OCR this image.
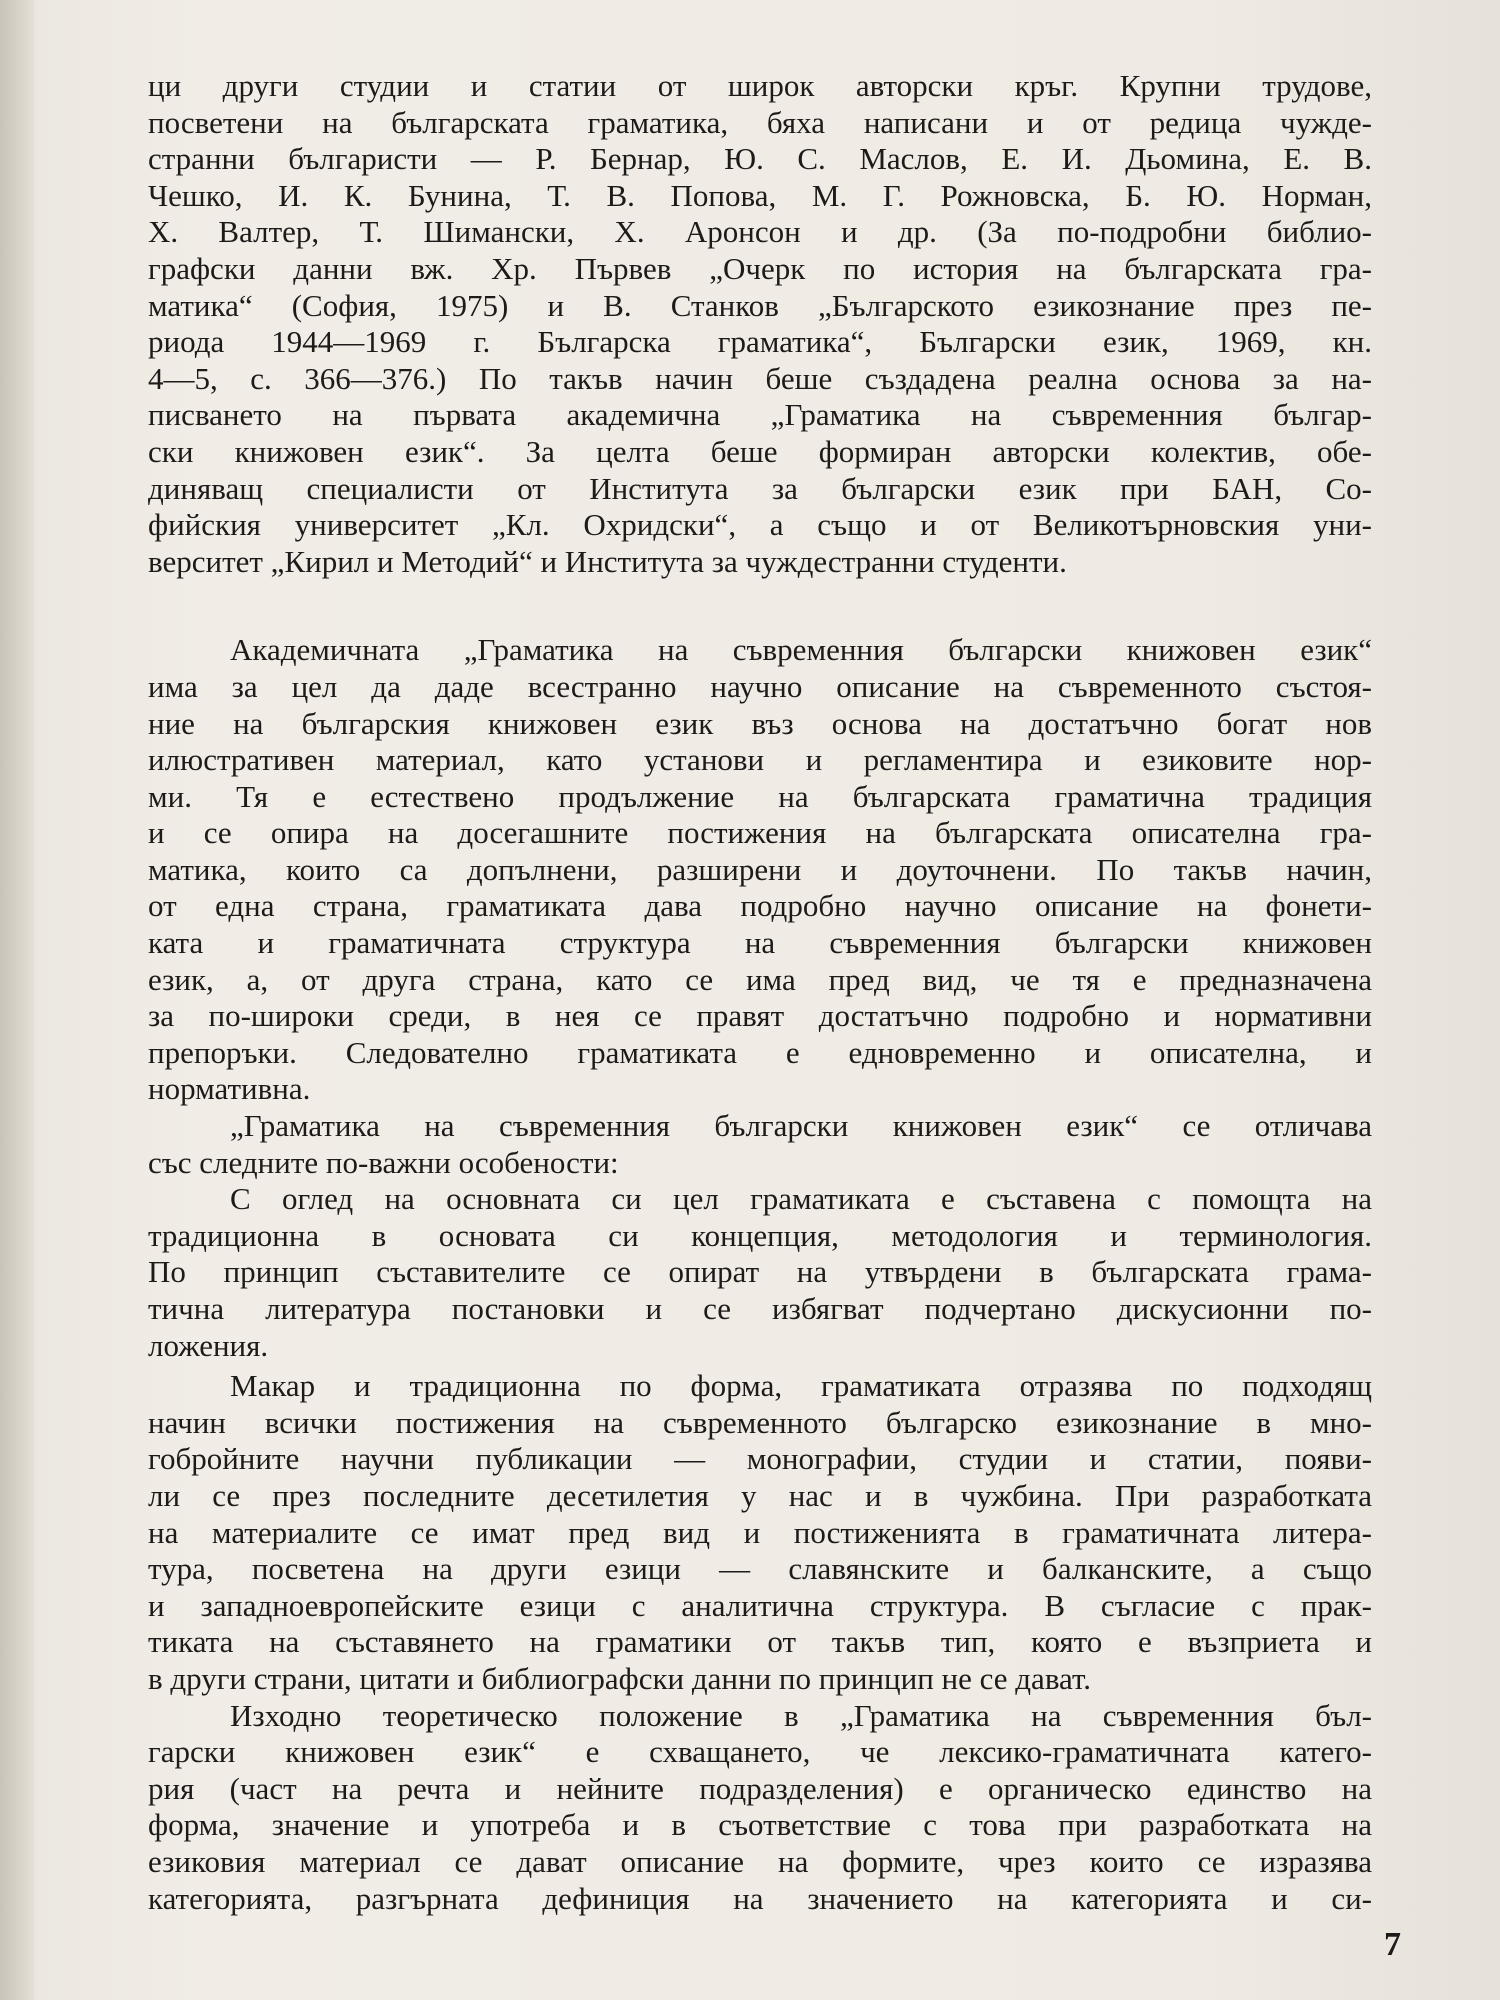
ци други студии и статии от широк авторски кръг. Крупни трудове,
посветени на българската граматика, бяха написани и от редица чужде-
странни българисти — Р. Бернар, Ю. С. Маслов, Е. И. Дьомина, Е. В.
Чешко, И. К. Бунина, Т. В. Попова, М. Г. Рожновска, Б. Ю. Норман,
Х. Валтер, Т. Шимански, Х. Аронсон и др. (За по-подробни библио-
графски данни вж. Хр. Първев „Очерк по история на българската гра-
матика“ (София, 1975) и В. Станков „Българското езикознание през пе-
риода 1944—1969 г. Българска граматика“, Български език, 1969, кн.
4—5, с. 366—376.) По такъв начин беше създадена реална основа за на-
писването на първата академична „Граматика на съвременния българ-
ски книжовен език“. За целта беше формиран авторски колектив, обе-
диняващ специалисти от Института за български език при БАН, Со-
фийския университет „Кл. Охридски“, а също и от Великотърновския уни-
верситет „Кирил и Методий“ и Института за чуждестранни студенти.
Академичната „Граматика на съвременния български книжовен език“
има за цел да даде всестранно научно описание на съвременното състоя-
ние на българския книжовен език въз основа на достатъчно богат нов
илюстративен материал, като установи и регламентира и езиковите нор-
ми. Тя е естествено продължение на българската граматична традиция
и се опира на досегашните постижения на българската описателна гра-
матика, които са допълнени, разширени и доуточнени. По такъв начин,
от една страна, граматиката дава подробно научно описание на фонети-
ката и граматичната структура на съвременния български книжовен
език, а, от друга страна, като се има пред вид, че тя е предназначена
за по-широки среди, в нея се правят достатъчно подробно и нормативни
препоръки. Следователно граматиката е едновременно и описателна, и
нормативна.
„Граматика на съвременния български книжовен език“ се отличава
със следните по-важни особености:
С оглед на основната си цел граматиката е съставена с помощта на
традиционна в основата си концепция, методология и терминология.
По принцип съставителите се опират на утвърдени в българската грама-
тична литература постановки и се избягват подчертано дискусионни по-
ложения.
Макар и традиционна по форма, граматиката отразява по подходящ
начин всички постижения на съвременното българско езикознание в мно-
гобройните научни публикации — монографии, студии и статии, появи-
ли се през последните десетилетия у нас и в чужбина. При разработката
на материалите се имат пред вид и постиженията в граматичната литера-
тура, посветена на други езици — славянските и балканските, а също
и западноевропейските езици с аналитична структура. В съгласие с прак-
тиката на съставянето на граматики от такъв тип, която е възприета и
в други страни, цитати и библиографски данни по принцип не се дават.
Изходно теоретическо положение в „Граматика на съвременния бъл-
гарски книжовен език“ е схващането, че лексико-граматичната катего-
рия (част на речта и нейните подразделения) е органическо единство на
форма, значение и употреба и в съответствие с това при разработката на
езиковия материал се дават описание на формите, чрез които се изразява
категорията, разгърната дефиниция на значението на категорията и си-
7
